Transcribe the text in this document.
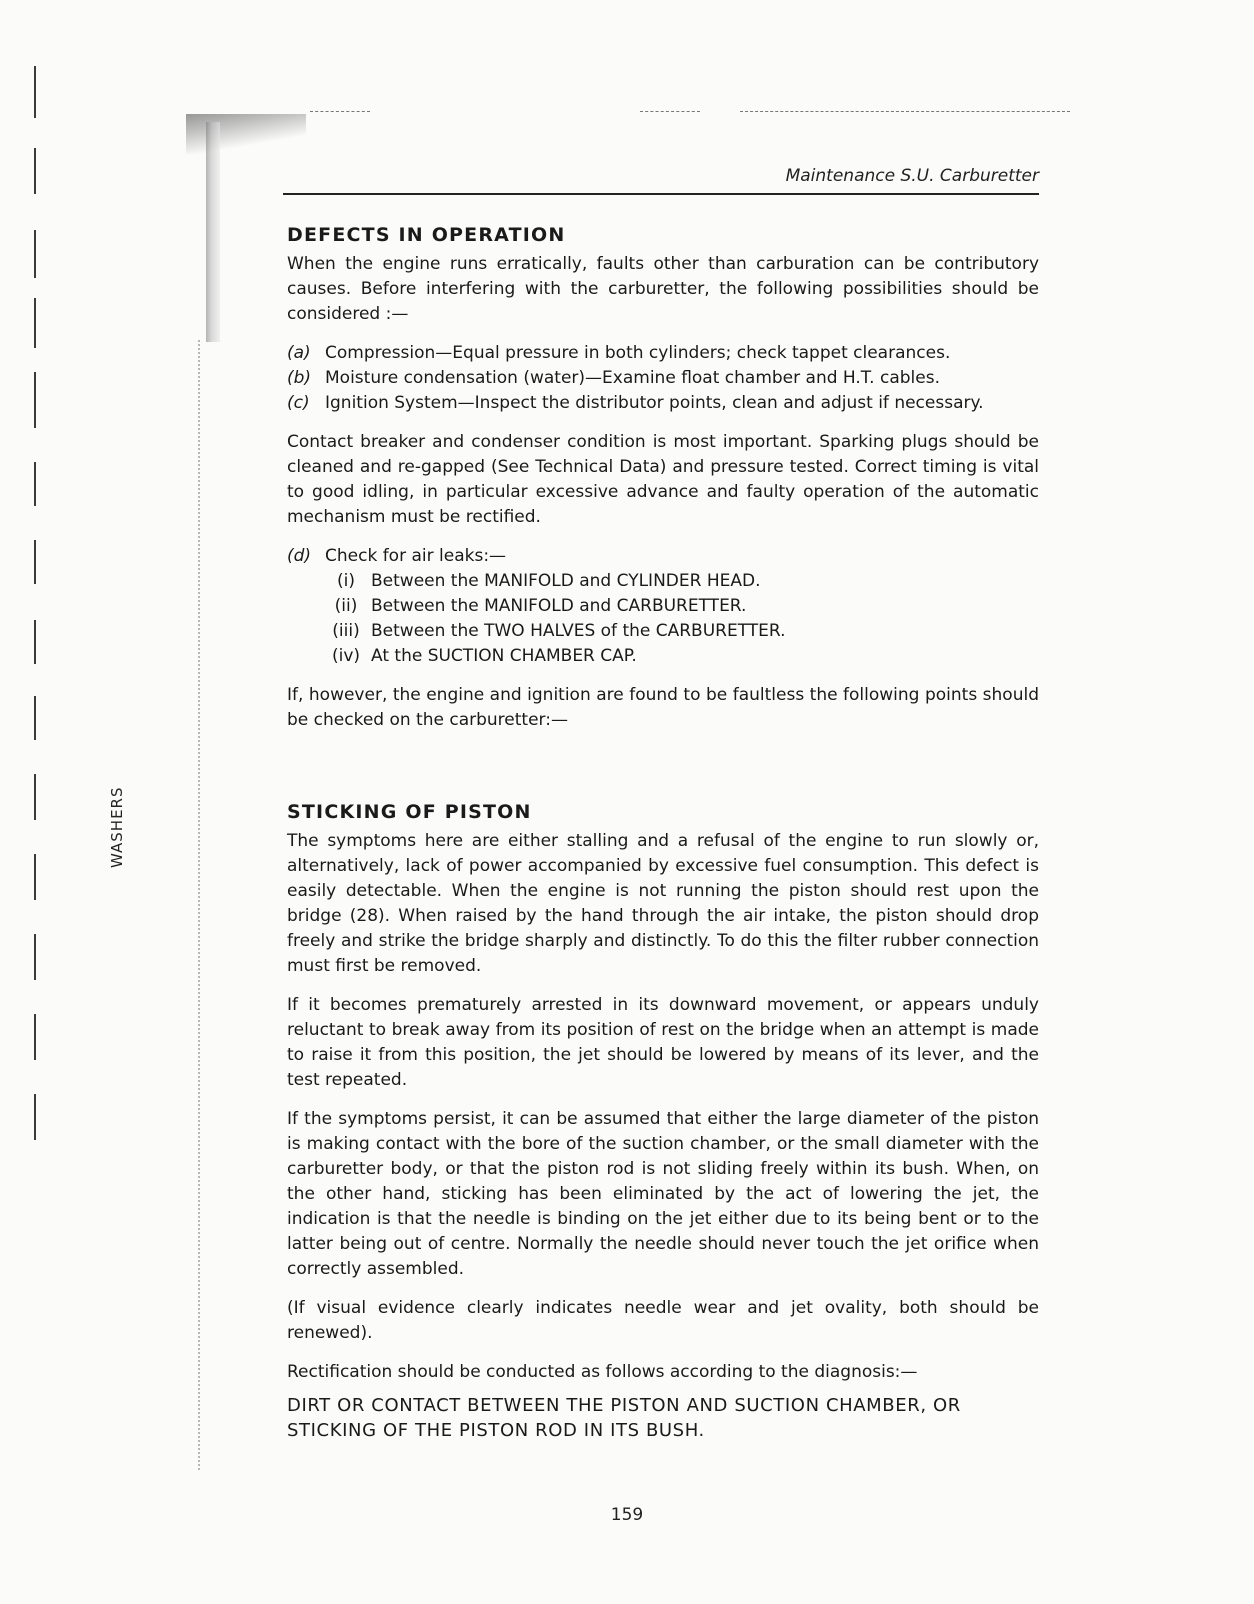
WASHERS
Maintenance S.U. Carburetter
DEFECTS IN OPERATION

When the engine runs erratically, faults other than carburation can be contributory causes. Before interfering with the carburetter, the following possibilities should be considered :—

(a) Compression—Equal pressure in both cylinders; check tappet clearances.
(b) Moisture condensation (water)—Examine float chamber and H.T. cables.
(c) Ignition System—Inspect the distributor points, clean and adjust if necessary.

Contact breaker and condenser condition is most important. Sparking plugs should be cleaned and re-gapped (See Technical Data) and pressure tested. Correct timing is vital to good idling, in particular excessive advance and faulty operation of the automatic mechanism must be rectified.

(d) Check for air leaks:—
(i) Between the MANIFOLD and CYLINDER HEAD.
(ii) Between the MANIFOLD and CARBURETTER.
(iii) Between the TWO HALVES of the CARBURETTER.
(iv) At the SUCTION CHAMBER CAP.

If, however, the engine and ignition are found to be faultless the following points should be checked on the carburetter:—

STICKING OF PISTON

The symptoms here are either stalling and a refusal of the engine to run slowly or, alternatively, lack of power accompanied by excessive fuel consumption. This defect is easily detectable. When the engine is not running the piston should rest upon the bridge (28). When raised by the hand through the air intake, the piston should drop freely and strike the bridge sharply and distinctly. To do this the filter rubber connection must first be removed.

If it becomes prematurely arrested in its downward movement, or appears unduly reluctant to break away from its position of rest on the bridge when an attempt is made to raise it from this position, the jet should be lowered by means of its lever, and the test repeated.

If the symptoms persist, it can be assumed that either the large diameter of the piston is making contact with the bore of the suction chamber, or the small diameter with the carburetter body, or that the piston rod is not sliding freely within its bush. When, on the other hand, sticking has been eliminated by the act of lowering the jet, the indication is that the needle is binding on the jet either due to its being bent or to the latter being out of centre. Normally the needle should never touch the jet orifice when correctly assembled.

(If visual evidence clearly indicates needle wear and jet ovality, both should be renewed).

Rectification should be conducted as follows according to the diagnosis:—

DIRT OR CONTACT BETWEEN THE PISTON AND SUCTION CHAMBER, OR STICKING OF THE PISTON ROD IN ITS BUSH.

159
